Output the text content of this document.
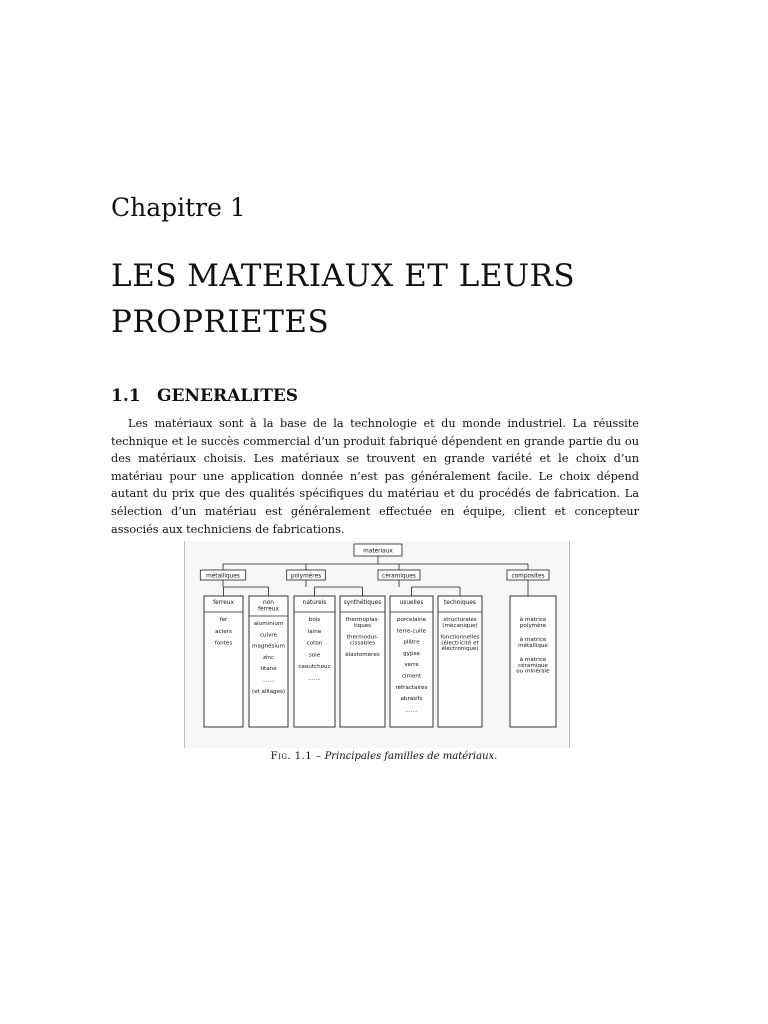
Chapitre 1
LES MATERIAUX ET LEURS PROPRIETES
1.1 GENERALITES

Les matériaux sont à la base de la technologie et du monde industriel. La réussite technique et le succès commercial d’un produit fabriqué dépendent en grande partie du ou des matériaux choisis. Les matériaux se trouvent en grande variété et le choix d’un matériau pour une application donnée n’est pas généralement facile. Le choix dépend autant du prix que des qualités spécifiques du matériau et du procédés de fabrication. La sélection d’un matériau est généralement effectuée en équipe, client et concepteur associés aux techniciens de fabrications.

matériaux
métalliques
ferreux
fer
aciers
fontes
non
ferreux
aluminium
cuivre
magnésium
zinc
titane
.......
(et alliages)
polymères
naturels
bois
laine
coton
soie
caoutchouc
.......
synthétiques
thermoplas-
tiques
thermodur-
cissables
élastomères
céramiques
usuelles
porcelaine
terre-cuite
plâtre
gypse
verre
ciment
réfractaires
abrasifs
.......
techniques
structurales
(mécanique)
fonctionnelles
(électricité et
électronique)
composites
à matrice
polymère
à matrice
métallique
à matrice
céramique
ou minérale
Fig. 1.1 – Principales familles de matériaux.
